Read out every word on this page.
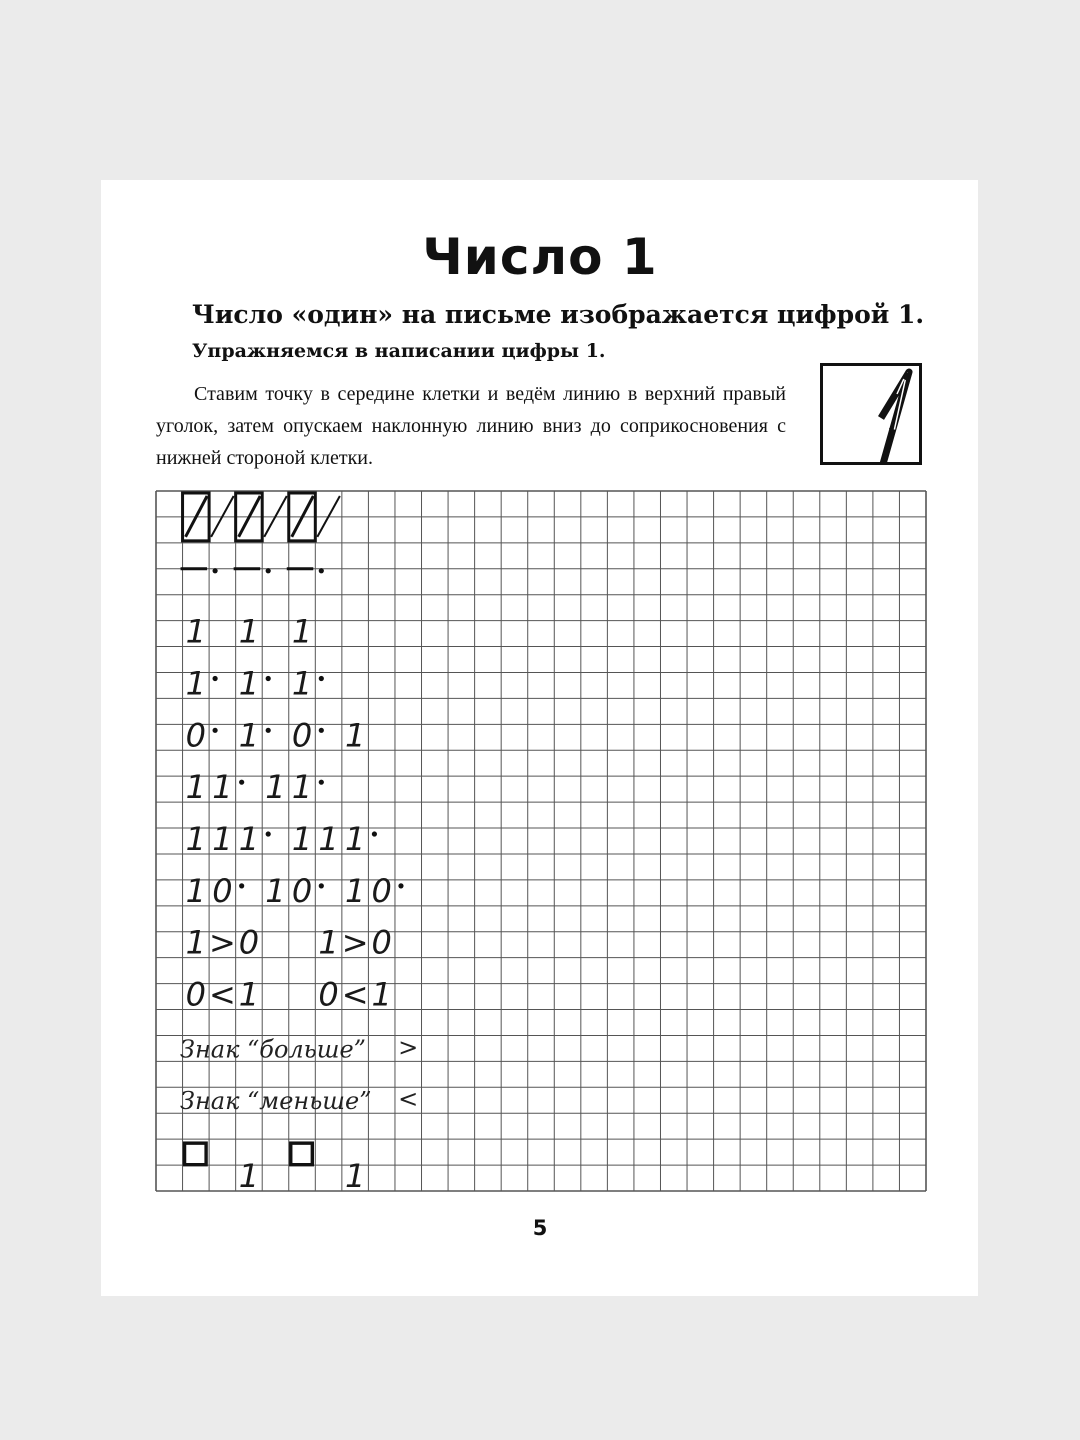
Число 1

Число «один» на письме изображается цифрой 1.

Упражняемся в написании цифры 1.

Ставим точку в середине клетки и ведём линию в верхний правый уголок, затем опускаем наклонную линию вниз до соприкосновения с нижней стороной клетки.

1 1 1
1 1 1
0 1 0 1
1 1 1 1
1 1 1 1 1 1
1 0 1 0 1 0
1 > 0 1 > 0
0 < 1 0 < 1
Знак “больше” >
Знак “меньше” <
1	1

5
